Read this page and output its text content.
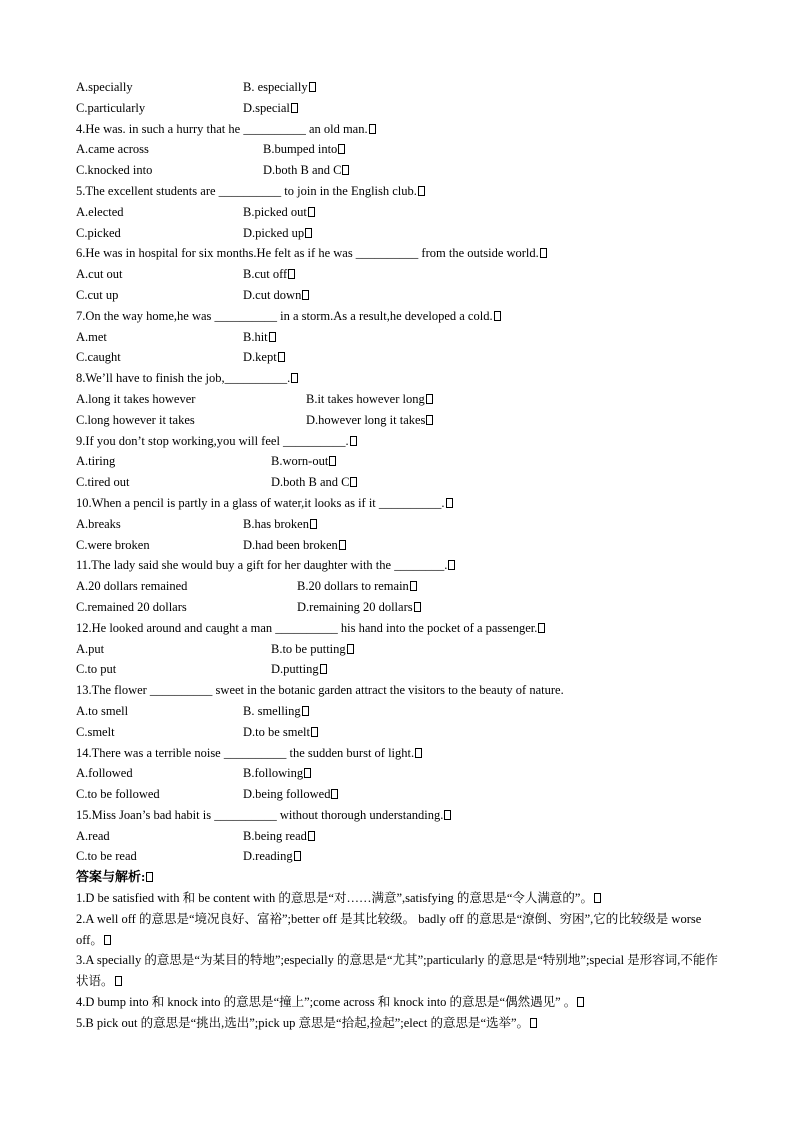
A.specially	B. especially
C.particularly	D.special
4.He was. in such a hurry that he __________ an old man.
A.came across	B.bumped into
C.knocked into	D.both B and C
5.The excellent students are __________ to join in the English club.
A.elected	B.picked out
C.picked	D.picked up
6.He was in hospital for six months.He felt as if he was __________ from the outside world.
A.cut out	B.cut off
C.cut up	D.cut down
7.On the way home,he was __________ in a storm.As a result,he developed a cold.
A.met	B.hit
C.caught	D.kept
8.We’ll have to finish the job,__________.
A.long it takes however	B.it takes however long
C.long however it takes	D.however long it takes
9.If you don’t stop working,you will feel __________.
A.tiring	B.worn-out
C.tired out	D.both B and C
10.When a pencil is partly in a glass of water,it looks as if it __________.
A.breaks	B.has broken
C.were broken	D.had been broken
11.The lady said she would buy a gift for her daughter with the ________.
A.20 dollars remained	B.20 dollars to remain
C.remained 20 dollars	D.remaining 20 dollars
12.He looked around and caught a man __________ his hand into the pocket of a passenger.
A.put	B.to be putting
C.to put	D.putting
13.The flower __________ sweet in the botanic garden attract the visitors to the beauty of nature.
A.to smell	B. smelling
C.smelt	D.to be smelt
14.There was a terrible noise __________ the sudden burst of light.
A.followed	B.following
C.to be followed	D.being followed
15.Miss Joan’s bad habit is __________ without thorough understanding.
A.read	B.being read
C.to be read	D.reading
答案与解析:

1.D be satisfied with 和 be content with 的意思是“对……满意”,satisfying 的意思是“令人满意的”。

2.A well off 的意思是“境况良好、富裕”;better off 是其比较级。 badly off 的意思是“潦倒、穷困”,它的比较级是 worse off。

3.A specially 的意思是“为某目的特地”;especially 的意思是“尤其”;particularly 的意思是“特别地”;special 是形容词,不能作状语。

4.D bump into 和 knock into 的意思是“撞上”;come across 和 knock into 的意思是“偶然遇见” 。

5.B pick out 的意思是“挑出,选出”;pick up 意思是“拾起,捡起”;elect 的意思是“选举”。
